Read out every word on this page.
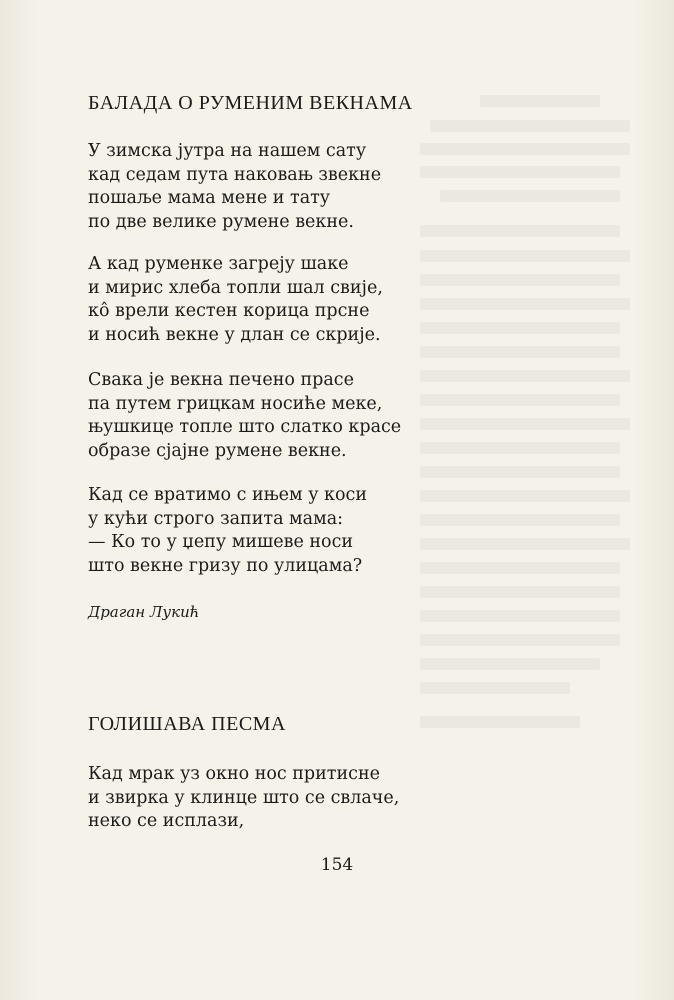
БАЛАДА О РУМЕНИМ ВЕКНАМА
У зимска јутра на нашем сату
кад седам пута наковањ звекне
пошаље мама мене и тату
по две велике румене векне.
А кад руменке загреју шаке
и мирис хлеба топли шал свије,
кô врели кестен корица прсне
и носић векне у длан се скрије.
Свака је векна печено прасе
па путем грицкам носиће меке,
њушкице топле што слатко красе
образе сјајне румене векне.
Кад се вратимо с ињем у коси
у кући строго запита мама:
— Ко то у џепу мишеве носи
што векне гризу по улицама?
Драган Лукић
ГОЛИШАВА ПЕСМА
Кад мрак уз окно нос притисне
и звирка у клинце што се свлаче,
неко се исплази,
154
